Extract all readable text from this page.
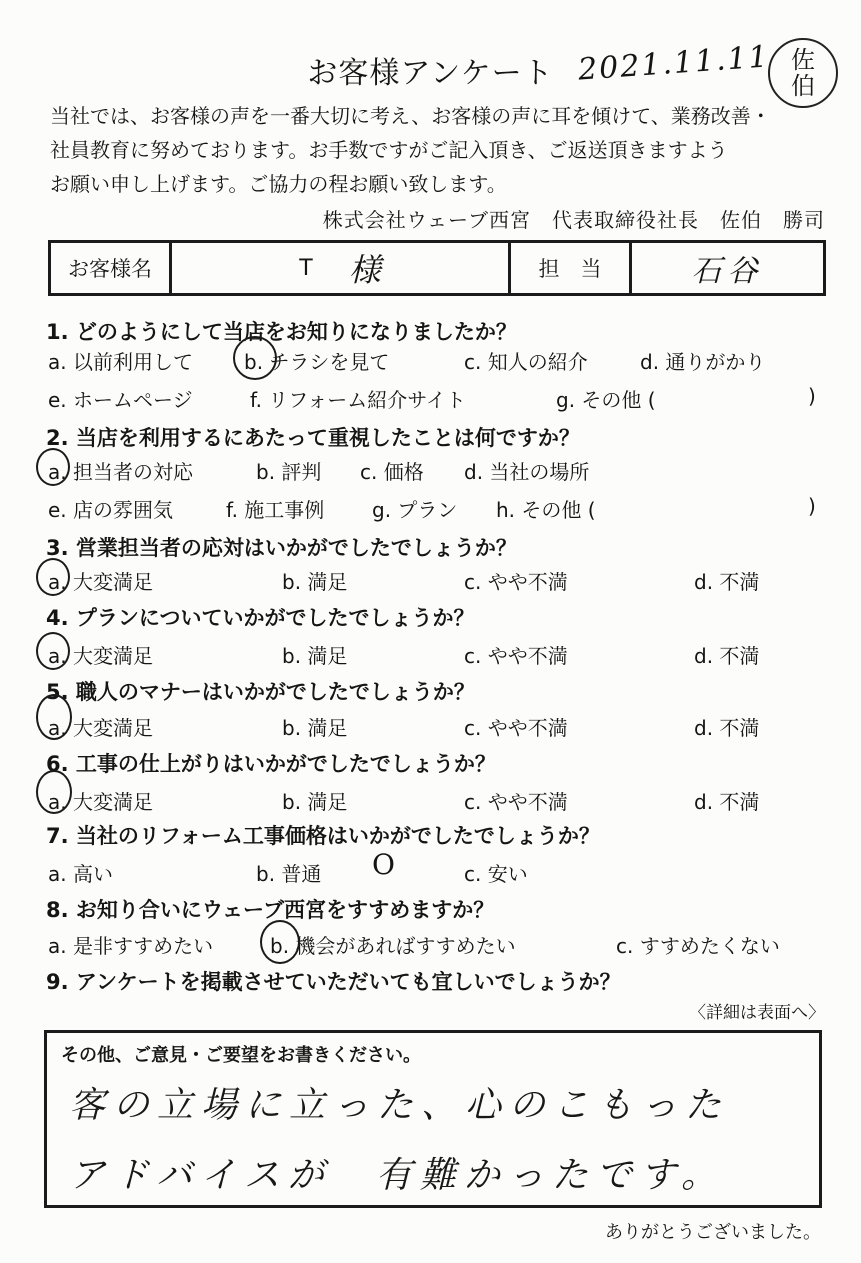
お客様アンケート 2021.11.11 佐
伯
当社では、お客様の声を一番大切に考え、お客様の声に耳を傾けて、業務改善・
社員教育に努めております。お手数ですがご記入頂き、ご返送頂きますよう
お願い申し上げます。ご協力の程お願い致します。
株式会社ウェーブ西宮　代表取締役社長　佐伯　勝司
お客様名	T 様	担　当	石谷
1. どのようにして当店をお知りになりましたか？
a. 以前利用して	b. チラシを見て	c. 知人の紹介	d. 通りがかり
e. ホームページ	f. リフォーム紹介サイト	g. その他 (	)
2. 当店を利用するにあたって重視したことは何ですか？
a. 担当者の対応	b. 評判 c. 価格 d. 当社の場所
e. 店の雰囲気	f. 施工事例 g. プラン h. その他 (	)
3. 営業担当者の応対はいかがでしたでしょうか？
a. 大変満足	b. 満足	c. やや不満	d. 不満
4. プランについていかがでしたでしょうか？
a. 大変満足	b. 満足	c. やや不満	d. 不満
5. 職人のマナーはいかがでしたでしょうか？
a. 大変満足	b. 満足	c. やや不満	d. 不満
6. 工事の仕上がりはいかがでしたでしょうか？
a. 大変満足	b. 満足	c. やや不満	d. 不満
7. 当社のリフォーム工事価格はいかがでしたでしょうか？
a. 高い	b. 普通 O	c. 安い
8. お知り合いにウェーブ西宮をすすめますか？
a. 是非すすめたい	b. 機会があればすすめたい	c. すすめたくない
9. アンケートを掲載させていただいても宜しいでしょうか？
〈詳細は表面へ〉
その他、ご意見・ご要望をお書きください。
客の立場に立った、心のこもった
アドバイスが　有難かったです。
ありがとうございました。
